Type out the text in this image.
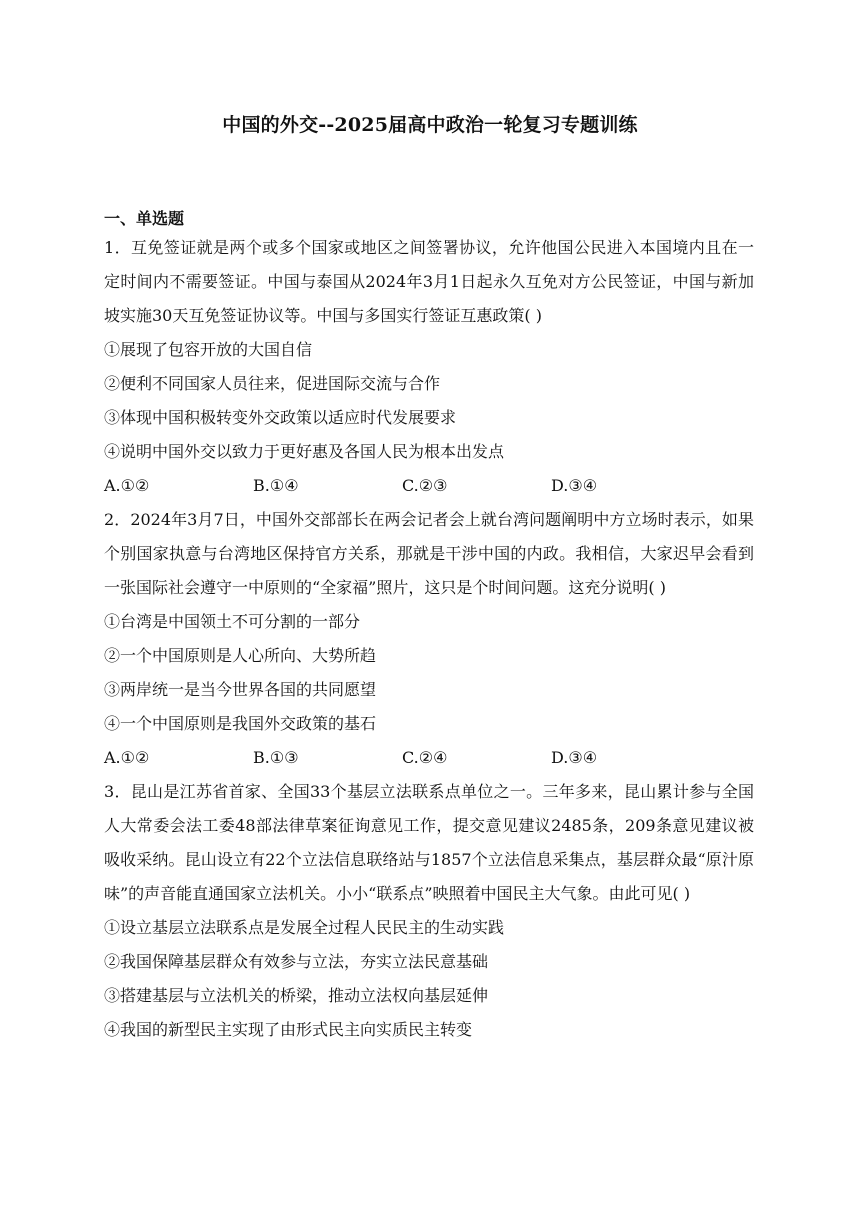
中国的外交--2025届高中政治一轮复习专题训练
一、单选题

1．互免签证就是两个或多个国家或地区之间签署协议，允许他国公民进入本国境内且在一定时间内不需要签证。中国与泰国从2024年3月1日起永久互免对方公民签证，中国与新加坡实施30天互免签证协议等。中国与多国实行签证互惠政策( )

①展现了包容开放的大国自信

②便利不同国家人员往来，促进国际交流与合作

③体现中国积极转变外交政策以适应时代发展要求

④说明中国外交以致力于更好惠及各国人民为根本出发点

A.①②	B.①④	C.②③	D.③④

2．2024年3月7日，中国外交部部长在两会记者会上就台湾问题阐明中方立场时表示，如果个别国家执意与台湾地区保持官方关系，那就是干涉中国的内政。我相信，大家迟早会看到一张国际社会遵守一中原则的“全家福”照片，这只是个时间问题。这充分说明( )

①台湾是中国领土不可分割的一部分

②一个中国原则是人心所向、大势所趋

③两岸统一是当今世界各国的共同愿望

④一个中国原则是我国外交政策的基石

A.①②	B.①③	C.②④	D.③④

3．昆山是江苏省首家、全国33个基层立法联系点单位之一。三年多来，昆山累计参与全国人大常委会法工委48部法律草案征询意见工作，提交意见建议2485条，209条意见建议被吸收采纳。昆山设立有22个立法信息联络站与1857个立法信息采集点，基层群众最“原汁原味”的声音能直通国家立法机关。小小“联系点”映照着中国民主大气象。由此可见( )

①设立基层立法联系点是发展全过程人民民主的生动实践

②我国保障基层群众有效参与立法，夯实立法民意基础

③搭建基层与立法机关的桥梁，推动立法权向基层延伸

④我国的新型民主实现了由形式民主向实质民主转变
